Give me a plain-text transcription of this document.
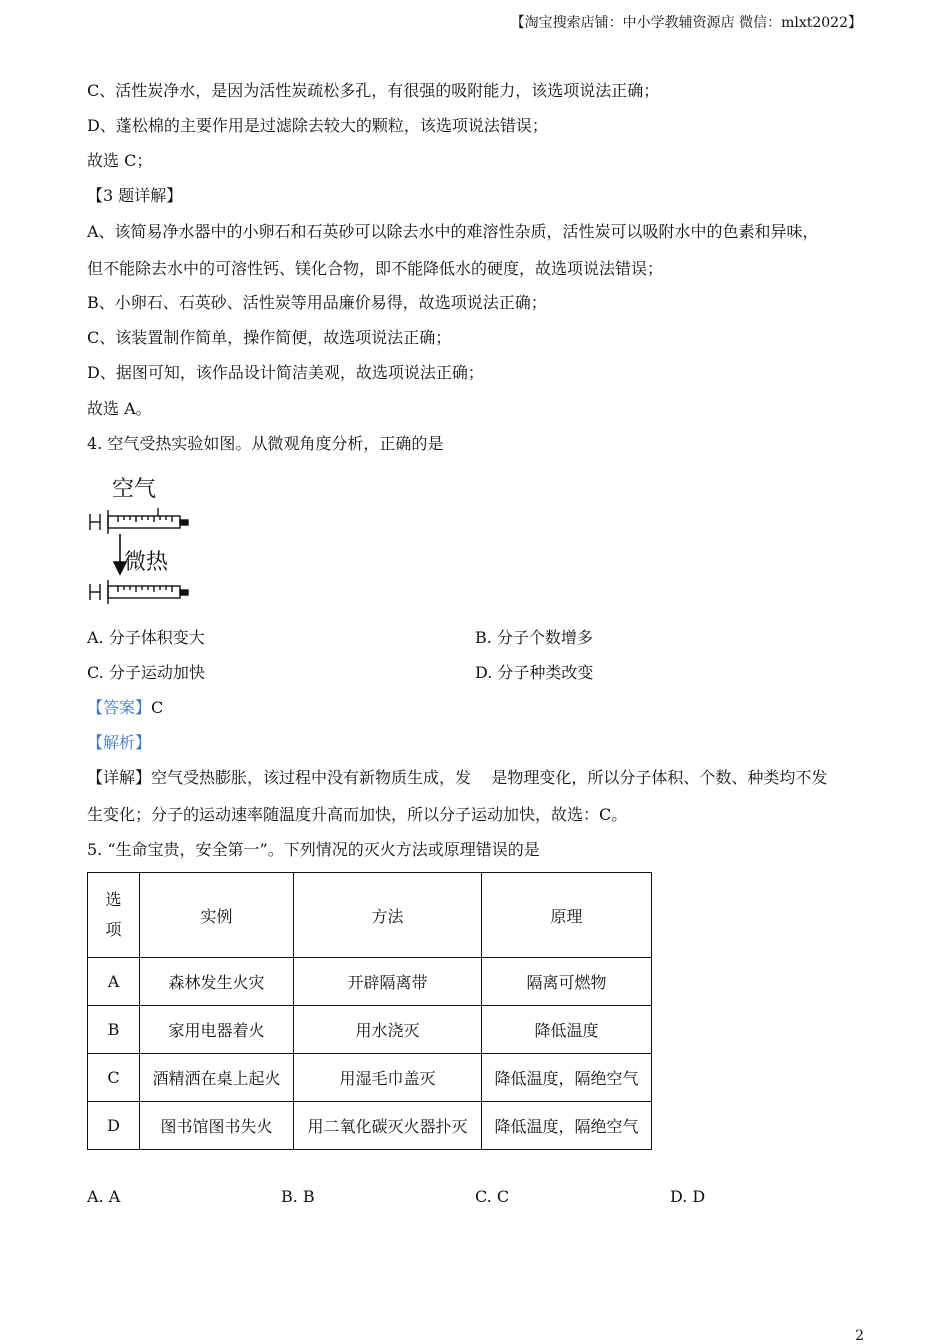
【淘宝搜索店铺：中小学教辅资源店 微信：mlxt2022】
C、活性炭净水，是因为活性炭疏松多孔，有很强的吸附能力，该选项说法正确；
D、蓬松棉的主要作用是过滤除去较大的颗粒，该选项说法错误；
故选 C；
【3 题详解】
A、该简易净水器中的小卵石和石英砂可以除去水中的难溶性杂质，活性炭可以吸附水中的色素和异味，
但不能除去水中的可溶性钙、镁化合物，即不能降低水的硬度，故选项说法错误；
B、小卵石、石英砂、活性炭等用品廉价易得，故选项说法正确；
C、该装置制作简单，操作简便，故选项说法正确；
D、据图可知，该作品设计简洁美观，故选项说法正确；
故选 A。
4. 空气受热实验如图。从微观角度分析，正确的是
空气
微热
A. 分子体积变大	B. 分子个数增多
C. 分子运动加快	D. 分子种类改变
【答案】C
【解析】
【详解】空气受热膨胀，该过程中没有新物质生成，发    是物理变化，所以分子体积、个数、种类均不发
生变化；分子的运动速率随温度升高而加快，所以分子运动加快，故选：C。
5. “生命宝贵，安全第一”。下列情况的灭火方法或原理错误的是
选
项	实例	方法	原理
A	森林发生火灾	开辟隔离带	隔离可燃物
B	家用电器着火	用水浇灭	降低温度
C	酒精洒在桌上起火	用湿毛巾盖灭	降低温度，隔绝空气
D	图书馆图书失火	用二氧化碳灭火器扑灭	降低温度，隔绝空气
A. A	B. B	C. C	D. D
2
